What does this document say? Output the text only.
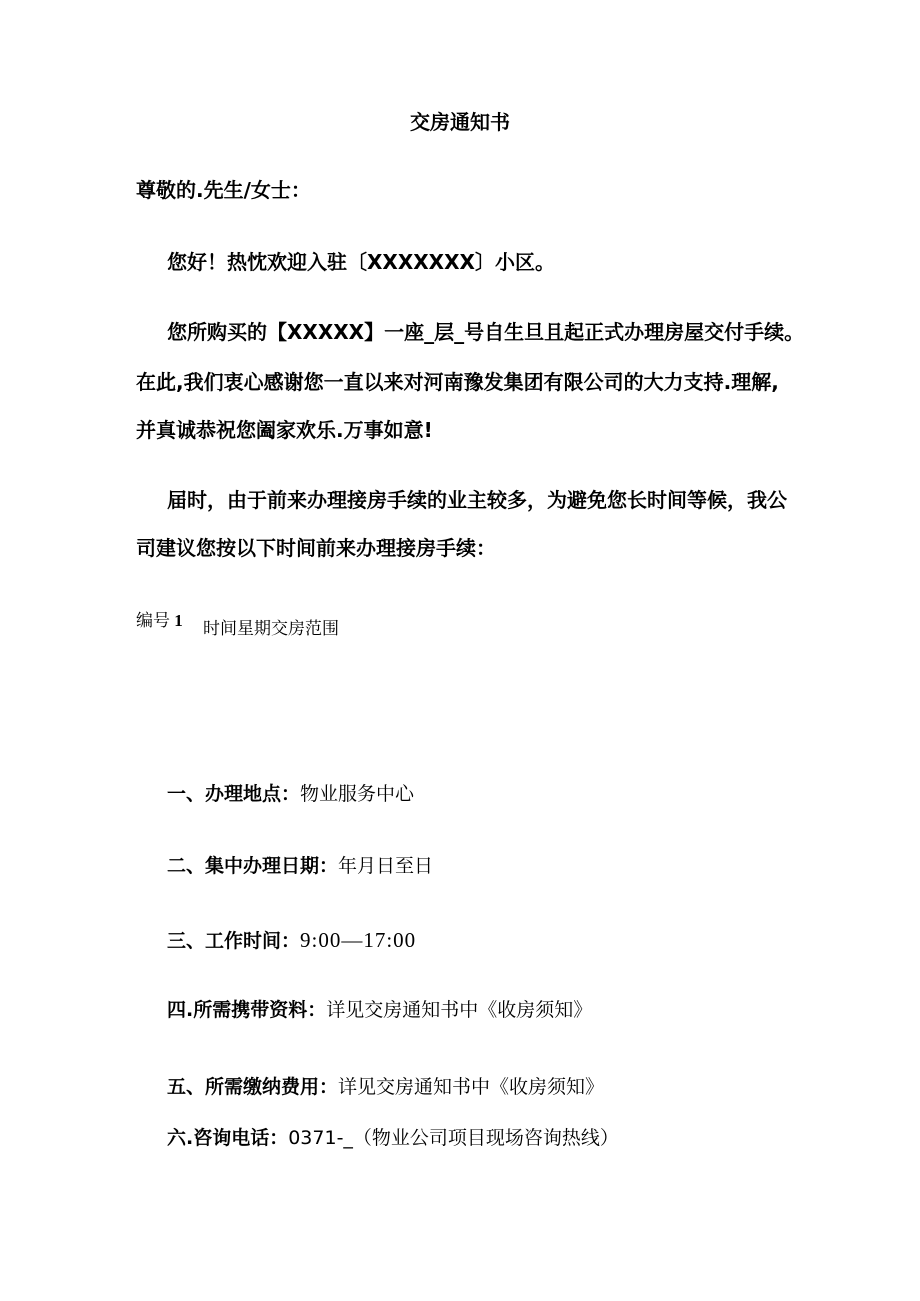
交房通知书
尊敬的.先生/女士：
您好！热忱欢迎入驻〔XXXXXXX〕小区。
您所购买的【XXXXX】一座_层_号自生旦且起正式办理房屋交付手续。
在此,我们衷心感谢您一直以来对河南豫发集团有限公司的大力支持.理解,
并真诚恭祝您阖家欢乐.万事如意!
届时，由于前来办理接房手续的业主较多，为避免您长时间等候，我公
司建议您按以下时间前来办理接房手续：
编号 1 时间星期交房范围
一、办理地点：物业服务中心
二、集中办理日期：年月日至日
三、工作时间：9:00—17:00
四.所需携带资料：详见交房通知书中《收房须知》
五、所需缴纳费用：详见交房通知书中《收房须知》
六.咨询电话：0371-_（物业公司项目现场咨询热线）
